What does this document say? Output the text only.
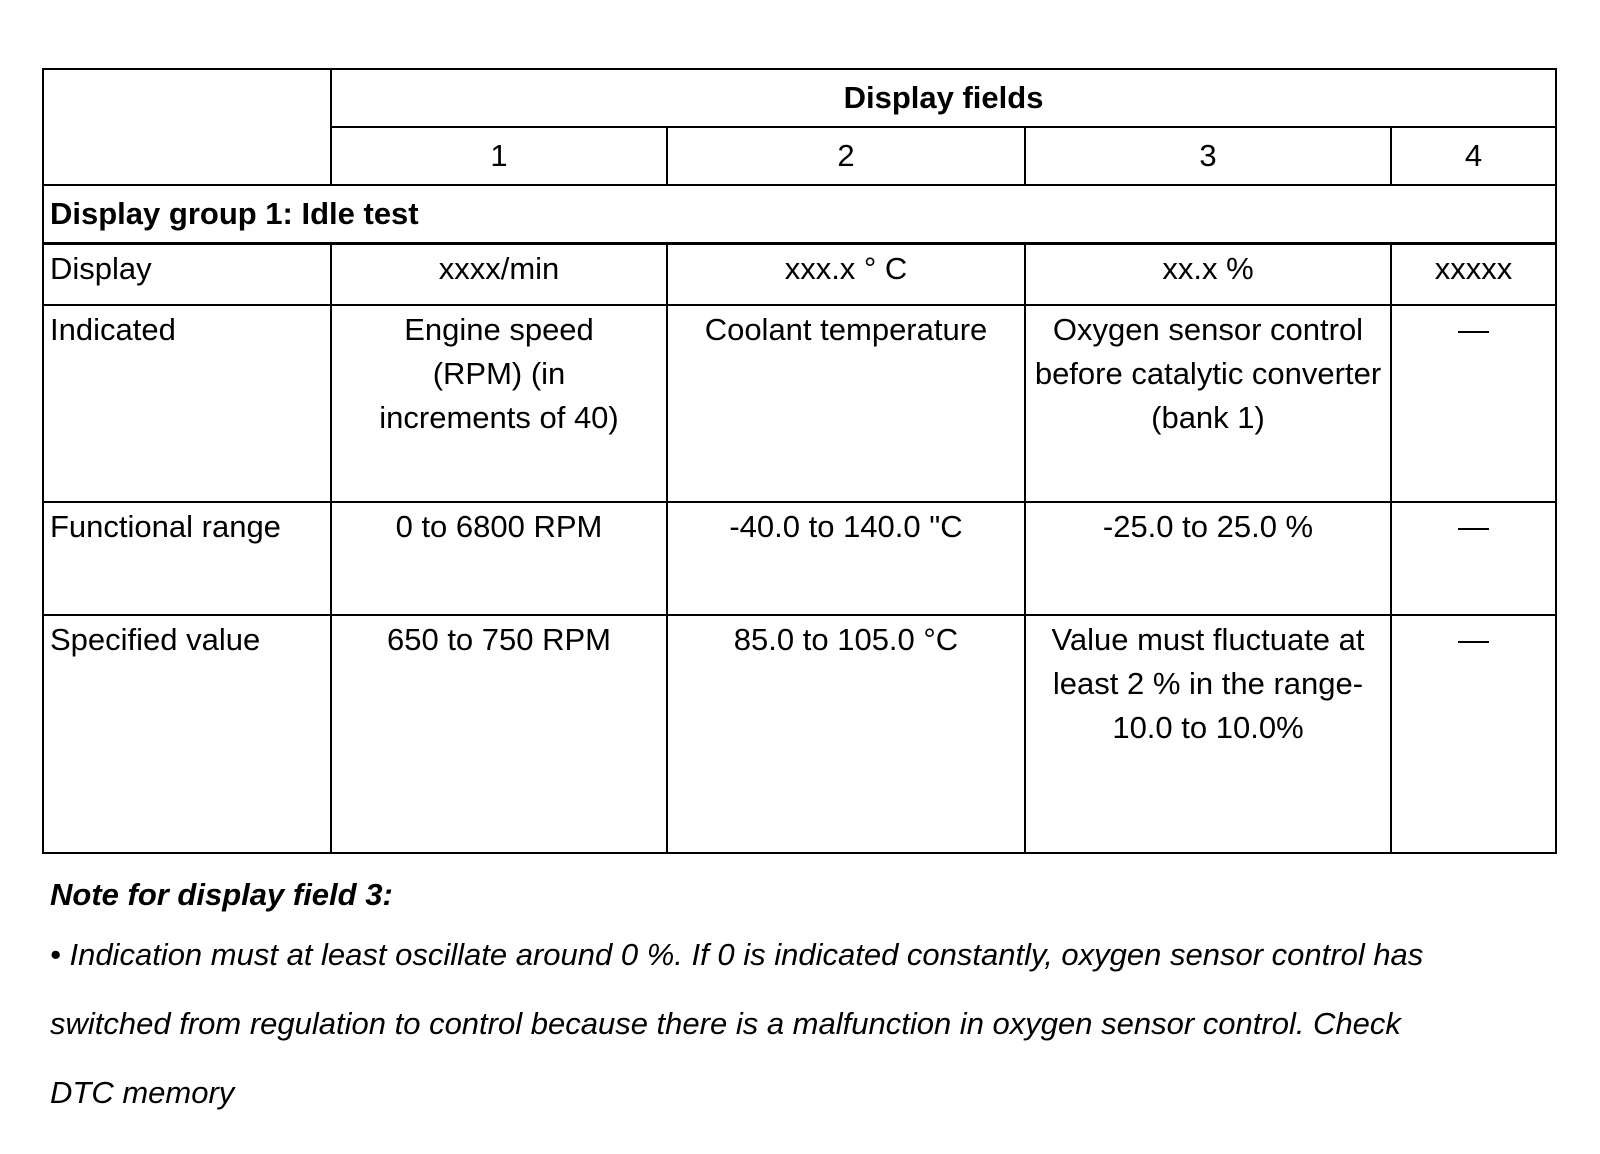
	Display fields			
	1	2	3	4
Display group 1: Idle test				
Display	xxxx/min	xxx.x ° C	xx.x %	xxxxx
Indicated	Engine speed (RPM) (in increments of 40)	Coolant temperature	Oxygen sensor control before catalytic converter (bank 1)	—
Functional range	0 to 6800 RPM	-40.0 to 140.0 "C	-25.0 to 25.0 %	—
Specified value	650 to 750 RPM	85.0 to 105.0 °C	Value must fluctuate at least 2 % in the range-10.0 to 10.0%	—
Note for display field 3:
• Indication must at least oscillate around 0 %. If 0 is indicated constantly, oxygen sensor control has switched from regulation to control because there is a malfunction in oxygen sensor control. Check DTC memory
